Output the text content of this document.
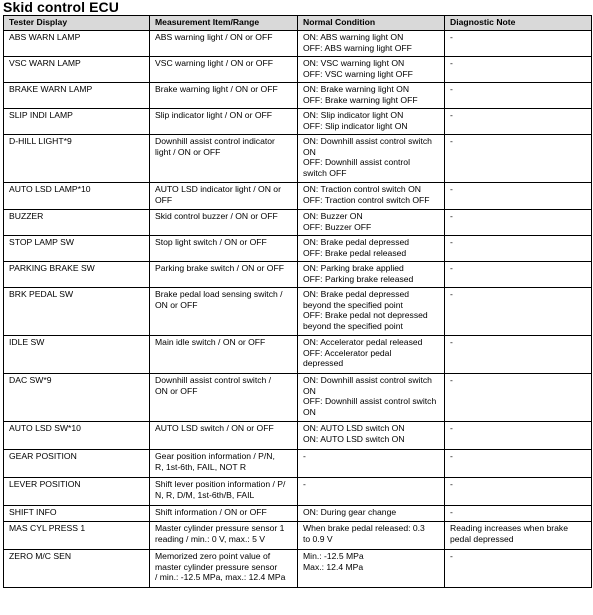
Skid control ECU
Tester Display	Measurement Item/Range	Normal Condition	Diagnostic Note

ABS WARN LAMP	ABS warning light / ON or OFF	ON: ABS warning light ON
OFF: ABS warning light OFF	-

VSC WARN LAMP	VSC warning light / ON or OFF	ON: VSC warning light ON
OFF: VSC warning light OFF	-

BRAKE WARN LAMP	Brake warning light / ON or OFF	ON: Brake warning light ON
OFF: Brake warning light OFF	-

SLIP INDI LAMP	Slip indicator light / ON or OFF	ON: Slip indicator light ON
OFF: Slip indicator light ON	-

D-HILL LIGHT*9	Downhill assist control indicator
light / ON or OFF	ON: Downhill assist control switch
ON
OFF: Downhill assist control
switch OFF	-

AUTO LSD LAMP*10	AUTO LSD indicator light / ON or
OFF	ON: Traction control switch ON
OFF: Traction control switch OFF	-

BUZZER	Skid control buzzer / ON or OFF	ON: Buzzer ON
OFF: Buzzer OFF	-

STOP LAMP SW	Stop light switch / ON or OFF	ON: Brake pedal depressed
OFF: Brake pedal released	-

PARKING BRAKE SW	Parking brake switch / ON or OFF	ON: Parking brake applied
OFF: Parking brake released	-

BRK PEDAL SW	Brake pedal load sensing switch /
ON or OFF	ON: Brake pedal depressed
beyond the specified point
OFF: Brake pedal not depressed
beyond the specified point	-

IDLE SW	Main idle switch / ON or OFF	ON: Accelerator pedal released
OFF: Accelerator pedal
depressed	-

DAC SW*9	Downhill assist control switch /
ON or OFF	ON: Downhill assist control switch
ON
OFF: Downhill assist control switch
ON	-

AUTO LSD SW*10	AUTO LSD switch / ON or OFF	ON: AUTO LSD switch ON
ON: AUTO LSD switch ON	-

GEAR POSITION	Gear position information / P/N,
R, 1st-6th, FAIL, NOT R	-	-

LEVER POSITION	Shift lever position information / P/
N, R, D/M, 1st-6th/B, FAIL	-	-

SHIFT INFO	Shift information / ON or OFF	ON: During gear change	-

MAS CYL PRESS 1	Master cylinder pressure sensor 1
reading / min.: 0 V, max.: 5 V	When brake pedal released: 0.3
to 0.9 V	Reading increases when brake
pedal depressed

ZERO M/C SEN	Memorized zero point value of
master cylinder pressure sensor
/ min.: -12.5 MPa, max.: 12.4 MPa	Min.: -12.5 MPa
Max.: 12.4 MPa	-
